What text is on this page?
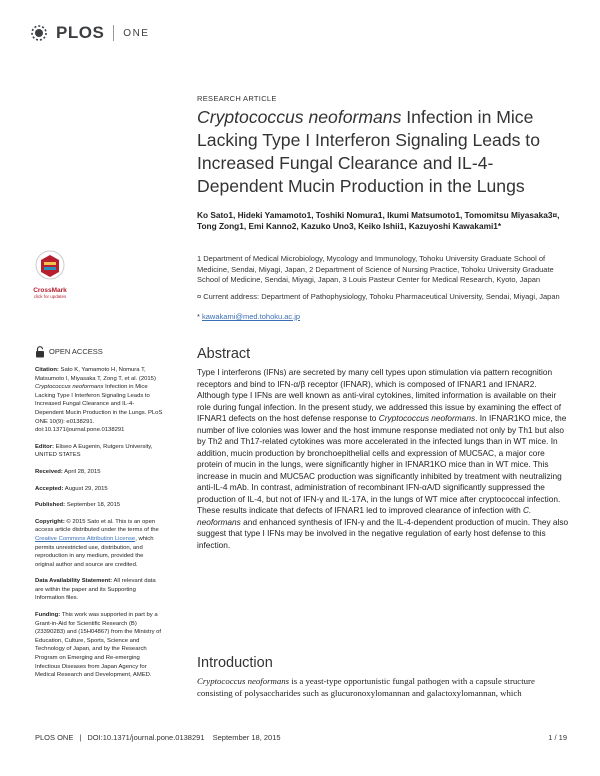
PLOS ONE
RESEARCH ARTICLE
Cryptococcus neoformans Infection in Mice Lacking Type I Interferon Signaling Leads to Increased Fungal Clearance and IL-4-Dependent Mucin Production in the Lungs
Ko Sato1, Hideki Yamamoto1, Toshiki Nomura1, Ikumi Matsumoto1, Tomomitsu Miyasaka3¤, Tong Zong1, Emi Kanno2, Kazuko Uno3, Keiko Ishii1, Kazuyoshi Kawakami1*
1 Department of Medical Microbiology, Mycology and Immunology, Tohoku University Graduate School of Medicine, Sendai, Miyagi, Japan, 2 Department of Science of Nursing Practice, Tohoku University Graduate School of Medicine, Sendai, Miyagi, Japan, 3 Louis Pasteur Center for Medical Research, Kyoto, Japan
¤ Current address: Department of Pathophysiology, Tohoku Pharmaceutical University, Sendai, Miyagi, Japan
* kawakami@med.tohoku.ac.jp
CrossMark
click for updates
OPEN ACCESS

Citation: Sato K, Yamamoto H, Nomura T, Matsumoto I, Miyasaka T, Zong T, et al. (2015) Cryptococcus neoformans Infection in Mice Lacking Type I Interferon Signaling Leads to Increased Fungal Clearance and IL-4-Dependent Mucin Production in the Lungs. PLoS ONE 10(9): e0138291. doi:10.1371/journal.pone.0138291

Editor: Eliseo A Eugenin, Rutgers University, UNITED STATES

Received: April 28, 2015

Accepted: August 29, 2015

Published: September 18, 2015

Copyright: © 2015 Sato et al. This is an open access article distributed under the terms of the Creative Commons Attribution License, which permits unrestricted use, distribution, and reproduction in any medium, provided the original author and source are credited.

Data Availability Statement: All relevant data are within the paper and its Supporting Information files.

Funding: This work was supported in part by a Grant-in-Aid for Scientific Research (B) (23390283) and (15H04867) from the Ministry of Education, Culture, Sports, Science and Technology of Japan, and by the Research Program on Emerging and Re-emerging Infectious Diseases from Japan Agency for Medical Research and Development, AMED.

Abstract
Type I interferons (IFNs) are secreted by many cell types upon stimulation via pattern recognition receptors and bind to IFN-α/β receptor (IFNAR), which is composed of IFNAR1 and IFNAR2. Although type I IFNs are well known as anti-viral cytokines, limited information is available on their role during fungal infection. In the present study, we addressed this issue by examining the effect of IFNAR1 defects on the host defense response to Cryptococcus neoformans. In IFNAR1KO mice, the number of live colonies was lower and the host immune response mediated not only by Th1 but also by Th2 and Th17-related cytokines was more accelerated in the infected lungs than in WT mice. In addition, mucin production by bronchoepithelial cells and expression of MUC5AC, a major core protein of mucin in the lungs, were significantly higher in IFNAR1KO mice than in WT mice. This increase in mucin and MUC5AC production was significantly inhibited by treatment with neutralizing anti-IL-4 mAb. In contrast, administration of recombinant IFN-αA/D significantly suppressed the production of IL-4, but not of IFN-γ and IL-17A, in the lungs of WT mice after cryptococcal infection. These results indicate that defects of IFNAR1 led to improved clearance of infection with C. neoformans and enhanced synthesis of IFN-γ and the IL-4-dependent production of mucin. They also suggest that type I IFNs may be involved in the negative regulation of early host defense to this infection.
Introduction
Cryptococcus neoformans is a yeast-type opportunistic fungal pathogen with a capsule structure consisting of polysaccharides such as glucuronoxylomannan and galactoxylomannan, which
PLOS ONE | DOI:10.1371/journal.pone.0138291 September 18, 2015	1 / 19
